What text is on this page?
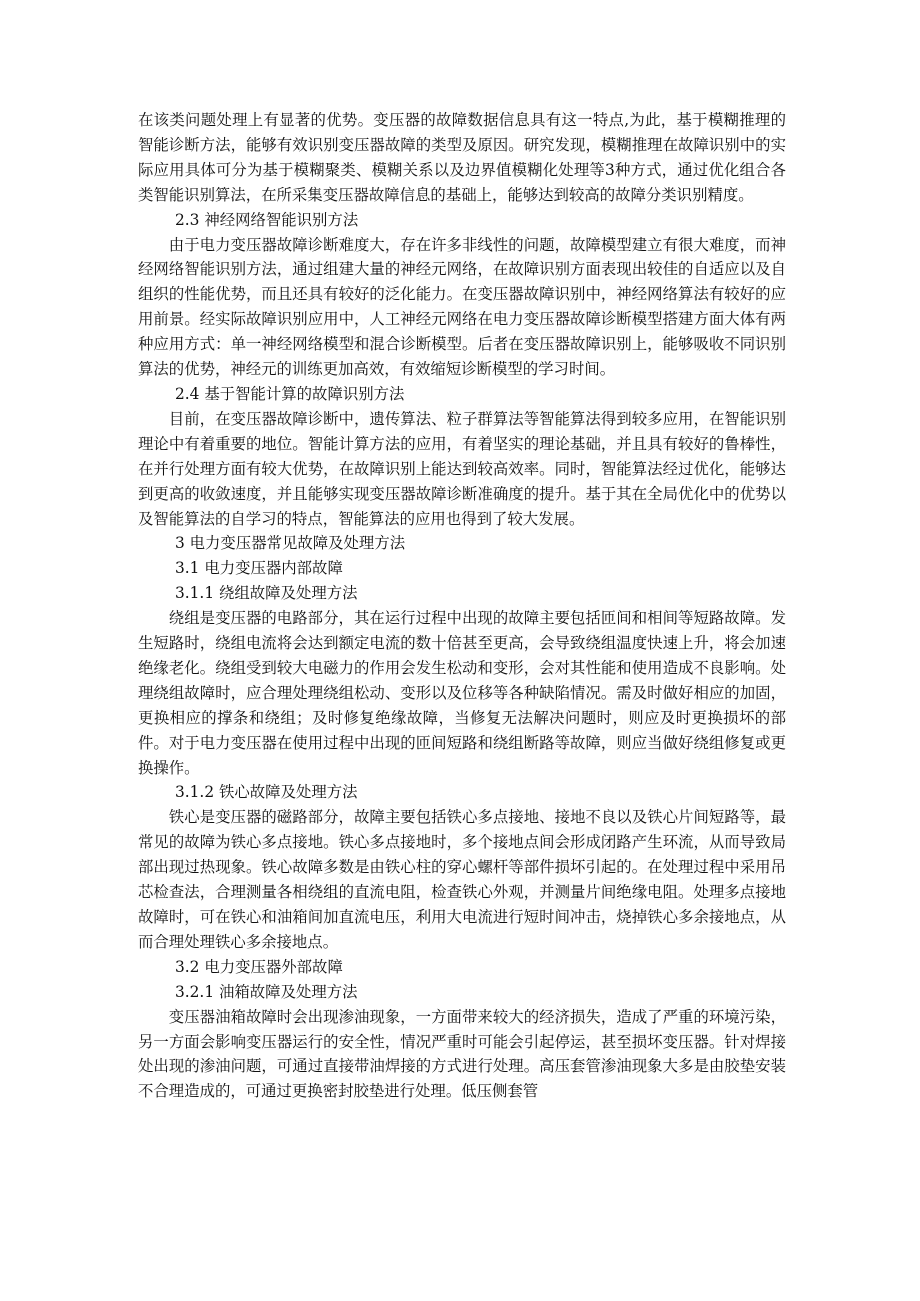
在该类问题处理上有显著的优势。变压器的故障数据信息具有这一特点,为此，基于模糊推理的智能诊断方法，能够有效识别变压器故障的类型及原因。研究发现，模糊推理在故障识别中的实际应用具体可分为基于模糊聚类、模糊关系以及边界值模糊化处理等3种方式，通过优化组合各类智能识别算法，在所采集变压器故障信息的基础上，能够达到较高的故障分类识别精度。

2.3 神经网络智能识别方法

由于电力变压器故障诊断难度大，存在许多非线性的问题，故障模型建立有很大难度，而神经网络智能识别方法，通过组建大量的神经元网络，在故障识别方面表现出较佳的自适应以及自组织的性能优势，而且还具有较好的泛化能力。在变压器故障识别中，神经网络算法有较好的应用前景。经实际故障识别应用中，人工神经元网络在电力变压器故障诊断模型搭建方面大体有两种应用方式：单一神经网络模型和混合诊断模型。后者在变压器故障识别上，能够吸收不同识别算法的优势，神经元的训练更加高效，有效缩短诊断模型的学习时间。

2.4 基于智能计算的故障识别方法

目前，在变压器故障诊断中，遗传算法、粒子群算法等智能算法得到较多应用，在智能识别理论中有着重要的地位。智能计算方法的应用，有着坚实的理论基础，并且具有较好的鲁棒性，在并行处理方面有较大优势，在故障识别上能达到较高效率。同时，智能算法经过优化，能够达到更高的收敛速度，并且能够实现变压器故障诊断准确度的提升。基于其在全局优化中的优势以及智能算法的自学习的特点，智能算法的应用也得到了较大发展。

3 电力变压器常见故障及处理方法

3.1 电力变压器内部故障

3.1.1 绕组故障及处理方法

绕组是变压器的电路部分，其在运行过程中出现的故障主要包括匝间和相间等短路故障。发生短路时，绕组电流将会达到额定电流的数十倍甚至更高，会导致绕组温度快速上升，将会加速绝缘老化。绕组受到较大电磁力的作用会发生松动和变形，会对其性能和使用造成不良影响。处理绕组故障时，应合理处理绕组松动、变形以及位移等各种缺陷情况。需及时做好相应的加固，更换相应的撑条和绕组；及时修复绝缘故障，当修复无法解决问题时，则应及时更换损坏的部件。对于电力变压器在使用过程中出现的匝间短路和绕组断路等故障，则应当做好绕组修复或更换操作。

3.1.2 铁心故障及处理方法

铁心是变压器的磁路部分，故障主要包括铁心多点接地、接地不良以及铁心片间短路等，最常见的故障为铁心多点接地。铁心多点接地时，多个接地点间会形成闭路产生环流，从而导致局部出现过热现象。铁心故障多数是由铁心柱的穿心螺杆等部件损坏引起的。在处理过程中采用吊芯检查法，合理测量各相绕组的直流电阻，检查铁心外观，并测量片间绝缘电阻。处理多点接地故障时，可在铁心和油箱间加直流电压，利用大电流进行短时间冲击，烧掉铁心多余接地点，从而合理处理铁心多余接地点。

3.2 电力变压器外部故障

3.2.1 油箱故障及处理方法

变压器油箱故障时会出现渗油现象，一方面带来较大的经济损失，造成了严重的环境污染，另一方面会影响变压器运行的安全性，情况严重时可能会引起停运，甚至损坏变压器。针对焊接处出现的渗油问题，可通过直接带油焊接的方式进行处理。高压套管渗油现象大多是由胶垫安装不合理造成的，可通过更换密封胶垫进行处理。低压侧套管
